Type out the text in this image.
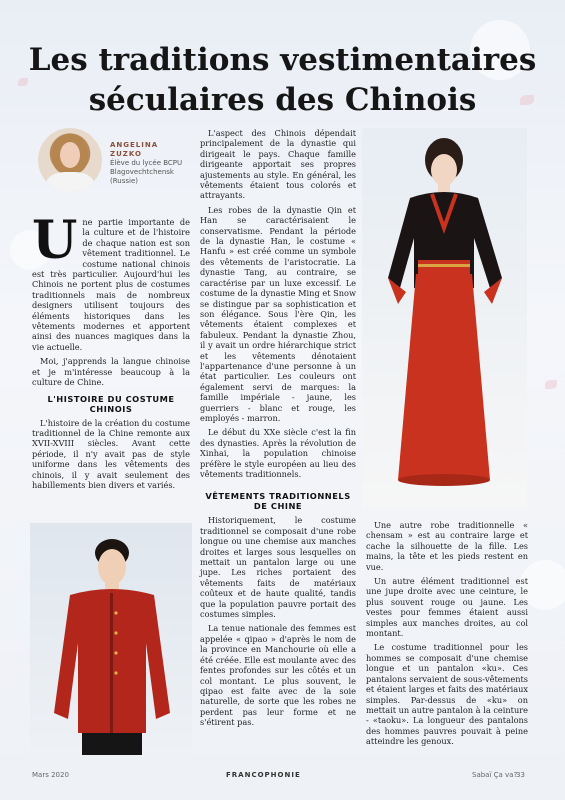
Les traditions vestimentaires
séculaires des Chinois
ANGELINA
ZUZKO
Élève du lycée BCPU
Blagovechtchensk
(Russie)

Une partie importante de la culture et de l'histoire de chaque nation est son vêtement traditionnel. Le costume national chinois est très particulier. Aujourd'hui les Chinois ne portent plus de costumes traditionnels mais de nombreux designers utilisent toujours des éléments historiques dans les vêtements modernes et apportent ainsi des nuances magiques dans la vie actuelle.

Moi, j'apprends la langue chinoise et je m'intéresse beaucoup à la culture de Chine.

L'HISTOIRE DU COSTUME CHINOIS

L'histoire de la création du costume traditionnel de la Chine remonte aux XVII-XVIII siècles. Avant cette période, il n'y avait pas de style uniforme dans les vêtements des chinois, il y avait seulement des habillements bien divers et variés.

L'aspect des Chinois dépendait principalement de la dynastie qui dirigeait le pays. Chaque famille dirigeante apportait ses propres ajustements au style. En général, les vêtements étaient tous colorés et attrayants.

Les robes de la dynastie Qin et Han se caractérisaient le conservatisme. Pendant la période de la dynastie Han, le costume « Hanfu » est créé comme un symbole des vêtements de l'aristocratie. La dynastie Tang, au contraire, se caractérise par un luxe excessif. Le costume de la dynastie Ming et Snow se distingue par sa sophistication et son élégance. Sous l'ère Qin, les vêtements étaient complexes et fabuleux. Pendant la dynastie Zhou, il y avait un ordre hiérarchique strict et les vêtements dénotaient l'appartenance d'une personne à un état particulier. Les couleurs ont également servi de marques: la famille impériale - jaune, les guerriers - blanc et rouge, les employés - marron.

Le début du XXe siècle c'est la fin des dynasties. Après la révolution de Xinhai, la population chinoise préfère le style européen au lieu des vêtements traditionnels.

VÊTEMENTS TRADITIONNELS DE CHINE

Historiquement, le costume traditionnel se composait d'une robe longue ou une chemise aux manches droites et larges sous lesquelles on mettait un pantalon large ou une jupe. Les riches portaient des vêtements faits de matériaux coûteux et de haute qualité, tandis que la population pauvre portait des costumes simples.

La tenue nationale des femmes est appelée « qipao » d'après le nom de la province en Manchourie où elle a été créée. Elle est moulante avec des fentes profondes sur les côtés et un col montant. Le plus souvent, le qipao est faite avec de la soie naturelle, de sorte que les robes ne perdent pas leur forme et ne s'étirent pas.

Une autre robe traditionnelle « chensam » est au contraire large et cache la silhouette de la fille. Les mains, la tête et les pieds restent en vue.

Un autre élément traditionnel est une jupe droite avec une ceinture, le plus souvent rouge ou jaune. Les vestes pour femmes étaient aussi simples aux manches droites, au col montant.

Le costume traditionnel pour les hommes se composait d'une chemise longue et un pantalon «ku». Ces pantalons servaient de sous-vêtements et étaient larges et faits des matériaux simples. Par-dessus de «ku» on mettait un autre pantalon à la ceinture - «taoku». La longueur des pantalons des hommes pauvres pouvait à peine atteindre les genoux.

Mars 2020	FRANCOPHONIE	Sabaï Ça va?
33
